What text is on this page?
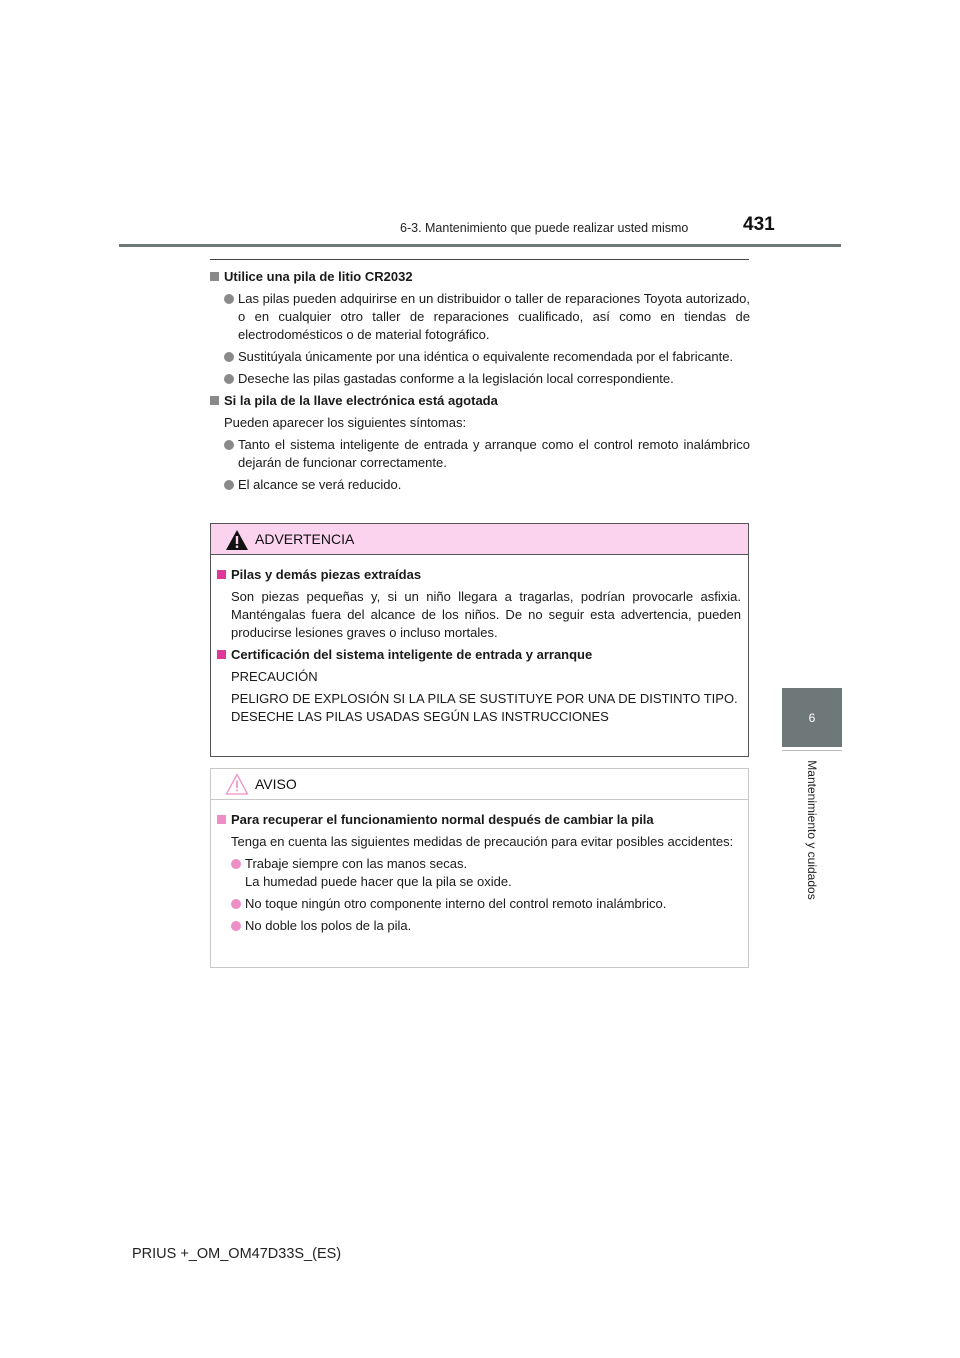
6-3. Mantenimiento que puede realizar usted mismo	431
6
Mantenimiento y cuidados
Utilice una pila de litio CR2032
Las pilas pueden adquirirse en un distribuidor o taller de reparaciones Toyota autorizado, o en cualquier otro taller de reparaciones cualificado, así como en tiendas de electrodomésticos o de material fotográfico.
Sustitúyala únicamente por una idéntica o equivalente recomendada por el fabricante.
Deseche las pilas gastadas conforme a la legislación local correspondiente.
Si la pila de la llave electrónica está agotada
Pueden aparecer los siguientes síntomas:
Tanto el sistema inteligente de entrada y arranque como el control remoto inalámbrico dejarán de funcionar correctamente.
El alcance se verá reducido.
ADVERTENCIA
Pilas y demás piezas extraídas
Son piezas pequeñas y, si un niño llegara a tragarlas, podrían provocarle asfixia. Manténgalas fuera del alcance de los niños. De no seguir esta advertencia, pueden producirse lesiones graves o incluso mortales.
Certificación del sistema inteligente de entrada y arranque
PRECAUCIÓN
PELIGRO DE EXPLOSIÓN SI LA PILA SE SUSTITUYE POR UNA DE DISTINTO TIPO.
DESECHE LAS PILAS USADAS SEGÚN LAS INSTRUCCIONES
AVISO
Para recuperar el funcionamiento normal después de cambiar la pila
Tenga en cuenta las siguientes medidas de precaución para evitar posibles accidentes:
Trabaje siempre con las manos secas.
La humedad puede hacer que la pila se oxide.
No toque ningún otro componente interno del control remoto inalámbrico.
No doble los polos de la pila.
PRIUS +_OM_OM47D33S_(ES)
